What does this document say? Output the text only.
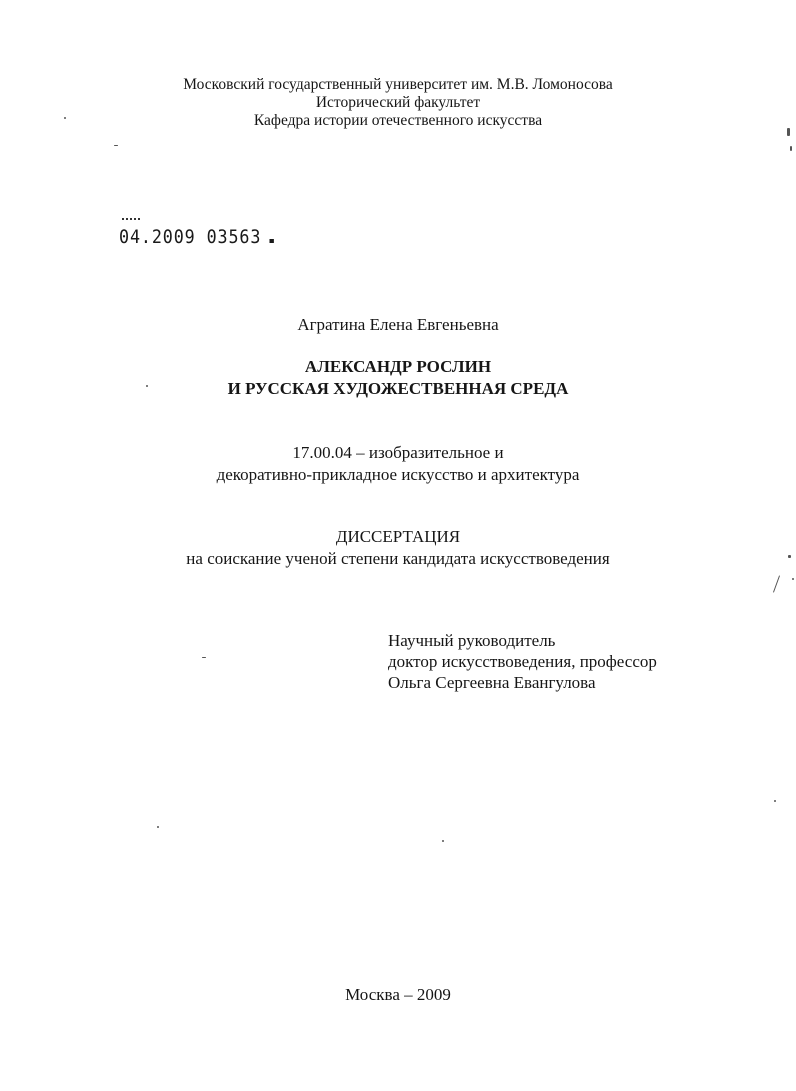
Московский государственный университет им. М.В. Ломоносова
Исторический факультет
Кафедра истории отечественного искусства
04.2009 03563
Агратина Елена Евгеньевна
АЛЕКСАНДР РОСЛИН
И РУССКАЯ ХУДОЖЕСТВЕННАЯ СРЕДА
17.00.04 – изобразительное и
декоративно-прикладное искусство и архитектура
ДИССЕРТАЦИЯ
на соискание ученой степени кандидата искусствоведения
Научный руководитель
доктор искусствоведения, профессор
Ольга Сергеевна Евангулова
Москва – 2009
